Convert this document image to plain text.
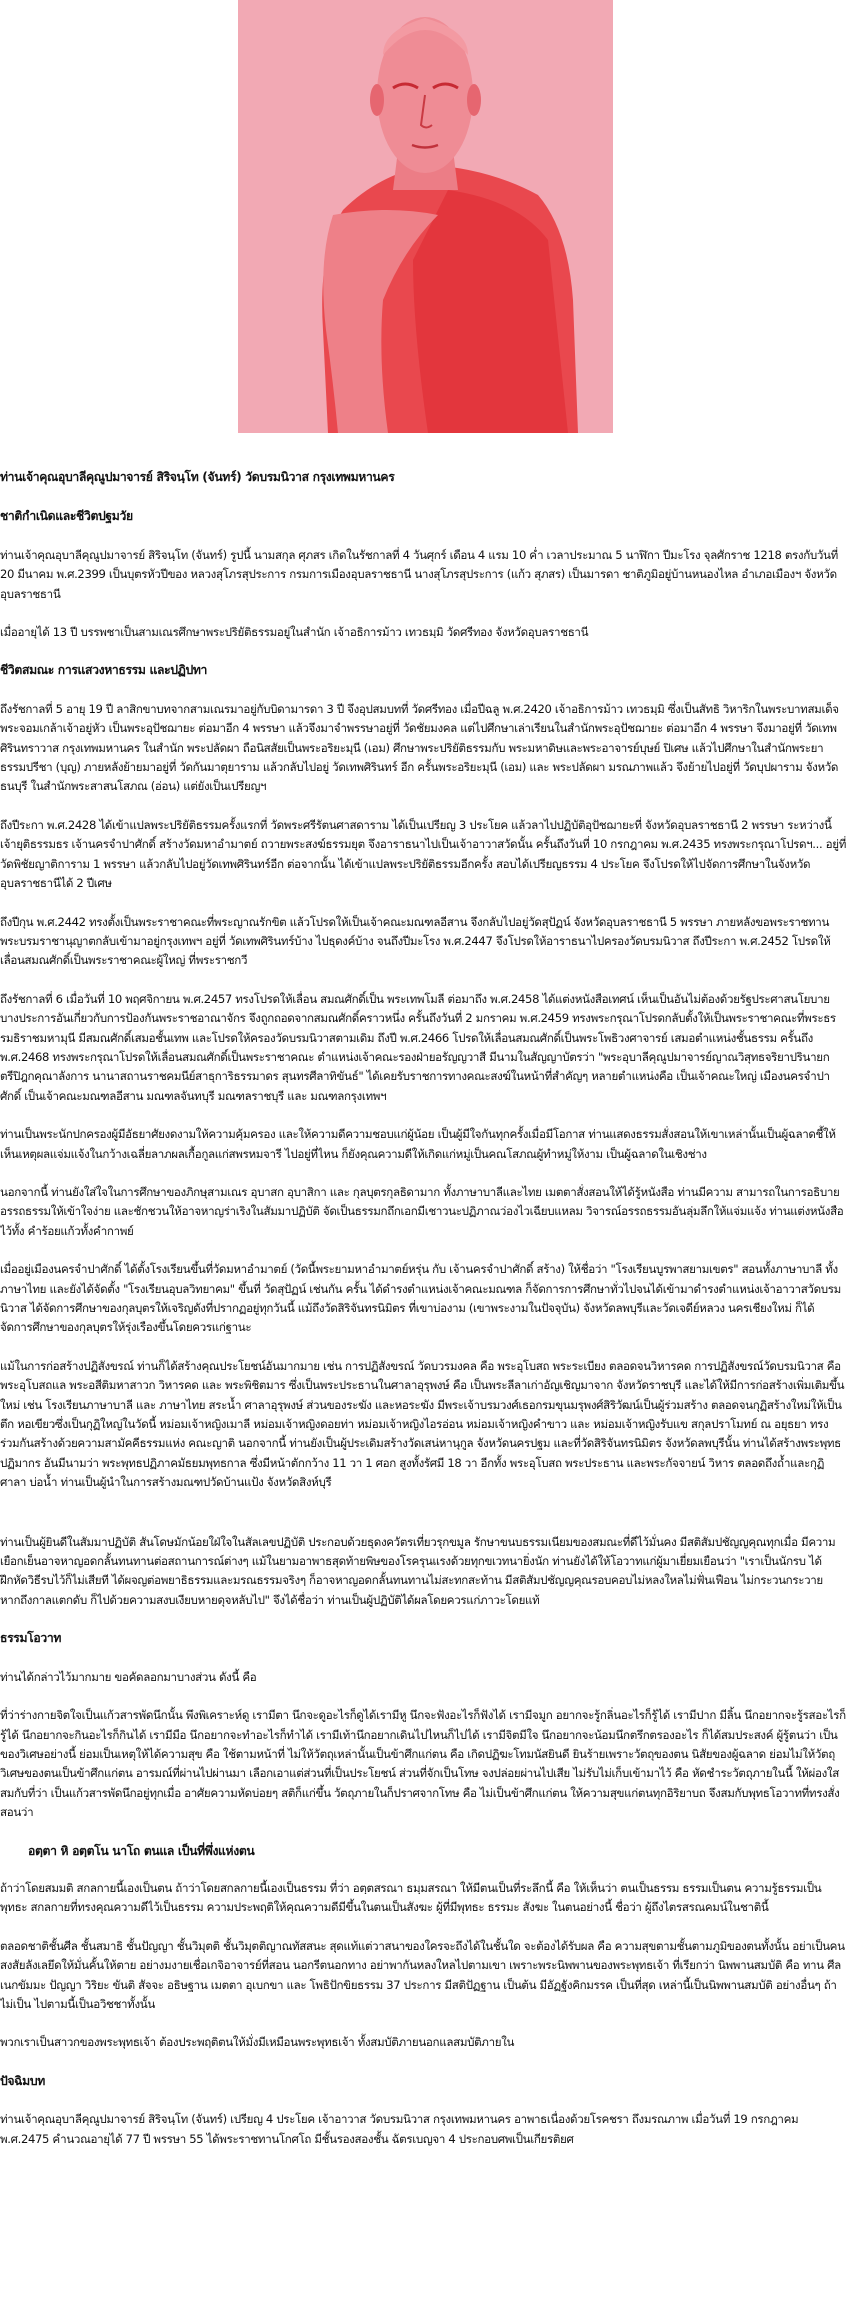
ท่านเจ้าคุณอุบาลีคุณูปมาจารย์ สิริจนฺโท (จันทร์) วัดบรมนิวาส กรุงเทพมหานคร
ชาติกำเนิดและชีวิตปฐมวัย

ท่านเจ้าคุณอุบาลีคุณูปมาจารย์ สิริจนฺโท (จันทร์) รูปนี้ นามสกุล ศุภสร เกิดในรัชกาลที่ 4 วันศุกร์ เดือน 4 แรม 10 ค่ำ เวลาประมาณ 5 นาฬิกา ปีมะโรง จุลศักราช 1218 ตรงกับวันที่ 20 มีนาคม พ.ศ.2399 เป็นบุตรหัวปีของ หลวงสุโภรสุประการ กรมการเมืองอุบลราชธานี นางสุโภรสุประการ (แก้ว สุภสร) เป็นมารดา ชาติภูมิอยู่บ้านหนองไหล อำเภอเมืองฯ จังหวัดอุบลราชธานี

เมื่ออายุได้ 13 ปี บรรพชาเป็นสามเณรศึกษาพระปริยัติธรรมอยู่ในสำนัก เจ้าอธิการม้าว เทวธมฺมิ วัดศรีทอง จังหวัดอุบลราชธานี

ชีวิตสมณะ การแสวงหาธรรม และปฏิปทา

ถึงรัชกาลที่ 5 อายุ 19 ปี ลาสิกขาบทจากสามเณรมาอยู่กับบิดามารดา 3 ปี จึงอุปสมบทที่ วัดศรีทอง เมื่อปีฉลู พ.ศ.2420 เจ้าอธิการม้าว เทวธมฺมิ ซึ่งเป็นสัทธิ วิหาริกในพระบาทสมเด็จพระจอมเกล้าเจ้าอยู่หัว เป็นพระอุปัชฌายะ ต่อมาอีก 4 พรรษา แล้วจึงมาจำพรรษาอยู่ที่ วัดชัยมงคล แต่ไปศึกษาเล่าเรียนในสำนักพระอุปัชฌายะ ต่อมาอีก 4 พรรษา จึงมาอยู่ที่ วัดเทพศิรินทราวาส กรุงเทพมหานคร ในสำนัก พระปลัดผา ถือนิสสัยเป็นพระอริยะมุนี (เอม) ศึกษาพระปริยัติธรรมกับ พระมหาดิษและพระอาจารย์บุษย์ ปิเศษ แล้วไปศึกษาในสำนักพระยาธรรมปรีชา (บุญ) ภายหลังย้ายมาอยู่ที่ วัดกันมาตุยาราม แล้วกลับไปอยู่ วัดเทพศิรินทร์ อีก ครั้นพระอริยะมุนี (เอม) และ พระปลัดผา มรณภาพแล้ว จึงย้ายไปอยู่ที่ วัดบุปผาราม จังหวัดธนบุรี ในสำนักพระสาสนโสภณ (อ่อน) แต่ยังเป็นเปรียญฯ

ถึงปีระกา พ.ศ.2428 ได้เข้าแปลพระปริยัติธรรมครั้งแรกที่ วัดพระศรีรัตนศาสดาราม ได้เป็นเปรียญ 3 ประโยค แล้วลาไปปฏิบัติอุปัชฌายะที่ จังหวัดอุบลราชธานี 2 พรรษา ระหว่างนี้ เจ้ายุติธรรมธร เจ้านครจำปาศักดิ์ สร้างวัดมหาอำมาตย์ ถวายพระสงฆ์ธรรมยุต จึงอาราธนาไปเป็นเจ้าอาวาสวัดนั้น ครั้นถึงวันที่ 10 กรกฎาคม พ.ศ.2435 ทรงพระกรุณาโปรดฯ... อยู่ที่ วัดพิชัยญาติการาม 1 พรรษา แล้วกลับไปอยู่วัดเทพศิรินทร์อีก ต่อจากนั้น ได้เข้าแปลพระปริยัติธรรมอีกครั้ง สอบได้เปรียญธรรม 4 ประโยค จึงโปรดให้ไปจัดการศึกษาในจังหวัดอุบลราชธานีได้ 2 ปีเศษ

ถึงปีกุน พ.ศ.2442 ทรงตั้งเป็นพระราชาคณะที่พระญาณรักขิต แล้วโปรดให้เป็นเจ้าคณะมณฑลอีสาน จึงกลับไปอยู่วัดสุปัฏน์ จังหวัดอุบลราชธานี 5 พรรษา ภายหลังขอพระราชทานพระบรมราชานุญาตกลับเข้ามาอยู่กรุงเทพฯ อยู่ที่ วัดเทพศิรินทร์บ้าง ไปธุดงค์บ้าง จนถึงปีมะโรง พ.ศ.2447 จึงโปรดให้อาราธนาไปครองวัดบรมนิวาส ถึงปีระกา พ.ศ.2452 โปรดให้เลื่อนสมณศักดิ์เป็นพระราชาคณะผู้ใหญ่ ที่พระราชกวี

ถึงรัชกาลที่ 6 เมื่อวันที่ 10 พฤศจิกายน พ.ศ.2457 ทรงโปรดให้เลื่อน สมณศักดิ์เป็น พระเทพโมลี ต่อมาถึง พ.ศ.2458 ได้แต่งหนังสือเทศน์ เห็นเป็นอันไม่ต้องด้วยรัฐประศาสนโยบายบางประการอันเกี่ยวกับการป้องกันพระราชอาณาจักร จึงถูกถอดจากสมณศักดิ์คราวหนึ่ง ครั้นถึงวันที่ 2 มกราคม พ.ศ.2459 ทรงพระกรุณาโปรดกลับตั้งให้เป็นพระราชาคณะที่พระธรรมธิราชมหามุนี มีสมณศักดิ์เสมอชั้นเทพ และโปรดให้ครองวัดบรมนิวาสตามเดิม ถึงปี พ.ศ.2466 โปรดให้เลื่อนสมณศักดิ์เป็นพระโพธิวงศาจารย์ เสมอตำแหน่งชั้นธรรม ครั้นถึง พ.ศ.2468 ทรงพระกรุณาโปรดให้เลื่อนสมณศักดิ์เป็นพระราชาคณะ ตำแหน่งเจ้าคณะรองฝ่ายอรัญญวาสี มีนามในสัญญาบัตรว่า "พระอุบาลีคุณูปมาจารย์ญาณวิสุทธจริยาปรินายก ตรีปิฎกคุณาลังการ นานาสถานราชคมนีย์สาธุการิธรรมาดร สุนทรศีลาทิขันธ์" ได้เคยรับราชการทางคณะสงฆ์ในหน้าที่สำคัญๆ หลายตำแหน่งคือ เป็นเจ้าคณะใหญ่ เมืองนครจำปาศักดิ์ เป็นเจ้าคณะมณฑลอีสาน มณฑลจันทบุรี มณฑลราชบุรี และ มณฑลกรุงเทพฯ

ท่านเป็นพระนักปกครองผู้มีอัธยาศัยงดงามให้ความคุ้มครอง และให้ความดีความชอบแก่ผู้น้อย เป็นผู้มีใจกันทุกครั้งเมื่อมีโอกาส ท่านแสดงธรรมสั่งสอนให้เขาเหล่านั้นเป็นผู้ฉลาดชี้ให้เห็นเหตุผลแจ่มแจ้งในกว้างเฉลี่ยลาภผลเกื้อกูลแก่สพรหมจารี ไปอยู่ที่ไหน ก็ยังคุณความดีให้เกิดแก่หมู่เป็นคณโสภณผู้ทำหมู่ให้งาม เป็นผู้ฉลาดในเชิงช่าง

นอกจากนี้ ท่านยังใส่ใจในการศึกษาของภิกษุสามเณร อุบาสก อุบาสิกา และ กุลบุตรกุลธิดามาก ทั้งภาษาบาลีและไทย เมตตาสั่งสอนให้ได้รู้หนังสือ ท่านมีความ สามารถในการอธิบายอรรถธรรมให้เข้าใจง่าย และชักชวนให้อาจหาญร่าเริงในสัมมาปฏิบัติ จัดเป็นธรรมกถึกเอกมีเชาวนะปฏิภาณว่องไวเฉียบแหลม วิจารณ์อรรถธรรมอันลุ่มลึกให้แจ่มแจ้ง ท่านแต่งหนังสือไว้ทั้ง คำร้อยแก้วทั้งคำกาพย์

เมื่ออยู่เมืองนครจำปาศักดิ์ ได้ตั้งโรงเรียนขึ้นที่วัดมหาอำมาตย์ (วัดนี้พระยามหาอำมาตย์หรุ่น กับ เจ้านครจำปาศักดิ์ สร้าง) ให้ชื่อว่า "โรงเรียนบูรพาสยามเขตร" สอนทั้งภาษาบาลี ทั้งภาษาไทย และยังได้จัดตั้ง "โรงเรียนอุบลวิทยาคม" ขึ้นที่ วัดสุปัฏน์ เช่นกัน ครั้น ได้ดำรงตำแหน่งเจ้าคณะมณฑล ก็จัดการการศึกษาทั่วไปจนได้เข้ามาดำรงตำแหน่งเจ้าอาวาสวัดบรมนิวาส ได้จัดการศึกษาของกุลบุตรให้เจริญดังที่ปรากฏอยู่ทุกวันนี้ แม้ถึงวัดสิริจันทรนิมิตร ที่เขาบ่องาม (เขาพระงามในปัจจุบัน) จังหวัดลพบุรีและวัดเจดีย์หลวง นครเชียงใหม่ ก็ได้จัดการศึกษาของกุลบุตรให้รุ่งเรืองขึ้นโดยควรแก่ฐานะ

แม้ในการก่อสร้างปฏิสังขรณ์ ท่านก็ได้สร้างคุณประโยชน์อันมากมาย เช่น การปฏิสังขรณ์ วัดบวรมงคล คือ พระอุโบสถ พระระเบียง ตลอดจนวิหารคด การปฏิสังขรณ์วัดบรมนิวาส คือ พระอุโบสถแล พระอสีติมหาสาวก วิหารคด และ พระพิชิตมาร ซึ่งเป็นพระประธานในศาลาอุรุพงษ์ คือ เป็นพระลีลาเก่าอัญเชิญมาจาก จังหวัดราชบุรี และได้ให้มีการก่อสร้างเพิ่มเติมขึ้นใหม่ เช่น โรงเรียนภาษาบาลี และ ภาษาไทย สระน้ำ ศาลาอุรุพงษ์ ส่วนของระฆัง และหอระฆัง มีพระเจ้าบรมวงศ์เธอกรมขุนมรุพงศ์สิริวัฒน์เป็นผู้ร่วมสร้าง ตลอดจนกุฏิสร้างใหม่ให้เป็นตึก หอเขียวซึ่งเป็นกุฏิใหญ่ในวัดนี้ หม่อมเจ้าหญิงเมาลี หม่อมเจ้าหญิงดอยท่า หม่อมเจ้าหญิงไอรอ่อน หม่อมเจ้าหญิงคำขาว และ หม่อมเจ้าหญิงรับแข สกุลปราโมทย์ ณ อยุธยา ทรงร่วมกันสร้างด้วยความสามัคคีธรรมแห่ง คณะญาติ นอกจากนี้ ท่านยังเป็นผู้ประเดิมสร้างวัดเสน่หานุกูล จังหวัดนครปฐม และที่วัดสิริจันทรนิมิตร จังหวัดลพบุรีนั้น ท่านได้สร้างพระพุทธปฏิมากร อันมีนามว่า พระพุทธปฏิภาคมัธยมพุทธกาล ซึ่งมีหน้าตักกว้าง 11 วา 1 ศอก สูงทั้งรัศมี 18 วา อีกทั้ง พระอุโบสถ พระประธาน และพระกัจจายน์ วิหาร ตลอดถึงถ้ำและกุฏิ ศาลา บ่อน้ำ ท่านเป็นผู้นำในการสร้างมณฑปวัดบ้านแป้ง จังหวัดสิงห์บุรี

ท่านเป็นผู้ยินดีในสัมมาปฏิบัติ สันโดษมักน้อยใฝ่ใจในสัลเลขปฏิบัติ ประกอบด้วยธุดงควัตรเที่ยวรุกขมูล รักษาขนบธรรมเนียมของสมณะที่ดีไว้มั่นคง มีสติสัมปชัญญคุณทุกเมื่อ มีความเยือกเย็นอาจหาญอดกลั้นทนทานต่อสถานการณ์ต่างๆ แม้ในยามอาพาธสุดท้ายพิษของโรครุนแรงด้วยทุกขเวทนายิ่งนัก ท่านยังได้ให้โอวาทแก่ผู้มาเยี่ยมเยือนว่า "เราเป็นนักรบ ได้ฝึกหัดวิธีรบไว้ก็ไม่เสียที ได้ผจญต่อพยาธิธรรมและมรณธรรมจริงๆ ก็อาจหาญอดกลั้นทนทานไม่สะทกสะท้าน มีสติสัมปชัญญคุณรอบคอบไม่หลงใหลไม่ฟั่นเฟือน ไม่กระวนกระวาย หากถึงกาลแตกดับ ก็ไปด้วยความสงบเงียบหายดุจหลับไป" จึงได้ชื่อว่า ท่านเป็นผู้ปฏิบัติได้ผลโดยควรแก่ภาวะโดยแท้

ธรรมโอวาท

ท่านได้กล่าวไว้มากมาย ขอคัดลอกมาบางส่วน ดังนี้ คือ

ที่ว่าร่างกายจิตใจเป็นแก้วสารพัดนึกนั้น พึงพิเคราะห์ดู เรามีตา นึกจะดูอะไรก็ดูได้เรามีหู นึกจะฟังอะไรก็ฟังได้ เรามีจมูก อยากจะรู้กลิ่นอะไรก็รู้ได้ เรามีปาก มีลิ้น นึกอยากจะรู้รสอะไรก็รู้ได้ นึกอยากจะกินอะไรก็กินได้ เรามีมือ นึกอยากจะทำอะไรก็ทำได้ เรามีเท้านึกอยากเดินไปไหนก็ไปได้ เรามีจิตมีใจ นึกอยากจะน้อมนึกตรึกตรองอะไร ก็ได้สมประสงค์ ผู้รู้ตนว่า เป็นของวิเศษอย่างนี้ ย่อมเป็นเหตุให้ได้ความสุข คือ ใช้ตามหน้าที่ ไม่ให้วัตถุเหล่านั้นเป็นข้าศึกแก่ตน คือ เกิดปฏิฆะโทมนัสยินดี ยินร้ายเพราะวัตถุของตน นิสัยของผู้ฉลาด ย่อมไม่ให้วัตถุวิเศษของตนเป็นข้าศึกแก่ตน อารมณ์ที่ผ่านไปผ่านมา เลือกเอาแต่ส่วนที่เป็นประโยชน์ ส่วนที่จักเป็นโทษ จงปล่อยผ่านไปเสีย ไม่รับไม่เก็บเข้ามาไว้ คือ หัดชำระวัตถุภายในนี้ ให้ผ่องใส สมกับที่ว่า เป็นแก้วสารพัดนึกอยู่ทุกเมื่อ อาศัยความหัดบ่อยๆ สติก็แก่ขึ้น วัตถุภายในก็ปราศจากโทษ คือ ไม่เป็นข้าศึกแก่ตน ให้ความสุขแก่ตนทุกอิริยาบถ จึงสมกับพุทธโอวาทที่ทรงสั่งสอนว่า

อตฺตา หิ อตฺตโน นาโถ ตนแล เป็นที่พึ่งแห่งตน

ถ้าว่าโดยสมมติ สกลกายนี้เองเป็นตน ถ้าว่าโดยสกลกายนี้เองเป็นธรรม ที่ว่า อตฺตสรณา ธมฺมสรณา ให้มีตนเป็นที่ระลึกนี้ คือ ให้เห็นว่า ตนเป็นธรรม ธรรมเป็นตน ความรู้ธรรมเป็นพุทธะ สกลกายที่ทรงคุณความดีไว้เป็นธรรม ความประพฤติให้คุณความดีมีขึ้นในตนเป็นสังฆะ ผู้ที่มีพุทธะ ธรรมะ สังฆะ ในตนอย่างนี้ ชื่อว่า ผู้ถึงไตรสรณคมน์ในชาตินี้

ตลอดชาติชั้นศีล ชั้นสมาธิ ชั้นปัญญา ชั้นวิมุตติ ชั้นวิมุตติญาณทัสสนะ สุดแท้แต่วาสนาของใครจะถึงได้ในชั้นใด จะต้องได้รับผล คือ ความสุขตามชั้นตามภูมิของตนทั้งนั้น อย่าเป็นคนสงสัยลังเลยึดให้มั่นคั้นให้ตาย อย่างมงายเชื่อเกจิอาจารย์ที่สอน นอกรีตนอกทาง อย่าพากันหลงใหลไปตามเขา เพราะพระนิพพานของพระพุทธเจ้า ที่เรียกว่า นิพพานสมบัติ คือ ทาน ศีล เนกขัมมะ ปัญญา วิริยะ ขันติ สัจจะ อธิษฐาน เมตตา อุเบกขา และ โพธิปักขิยธรรม 37 ประการ มีสติปัฏฐาน เป็นต้น มีอัฏฐังคิกมรรค เป็นที่สุด เหล่านี้เป็นนิพพานสมบัติ อย่างอื่นๆ ถ้าไม่เป็น ไปตามนี้เป็นอวิชชาทั้งนั้น

พวกเราเป็นสาวกของพระพุทธเจ้า ต้องประพฤติตนให้มั่งมีเหมือนพระพุทธเจ้า ทั้งสมบัติภายนอกแลสมบัติภายใน

ปัจฉิมบท

ท่านเจ้าคุณอุบาลีคุณูปมาจารย์ สิริจนฺโท (จันทร์) เปรียญ 4 ประโยค เจ้าอาวาส วัดบรมนิวาส กรุงเทพมหานคร อาพาธเนื่องด้วยโรคชรา ถึงมรณภาพ เมื่อวันที่ 19 กรกฎาคม พ.ศ.2475 คำนวณอายุได้ 77 ปี พรรษา 55 ได้พระราชทานโกศโถ มีชั้นรองสองชั้น ฉัตรเบญจา 4 ประกอบศพเป็นเกียรติยศ
